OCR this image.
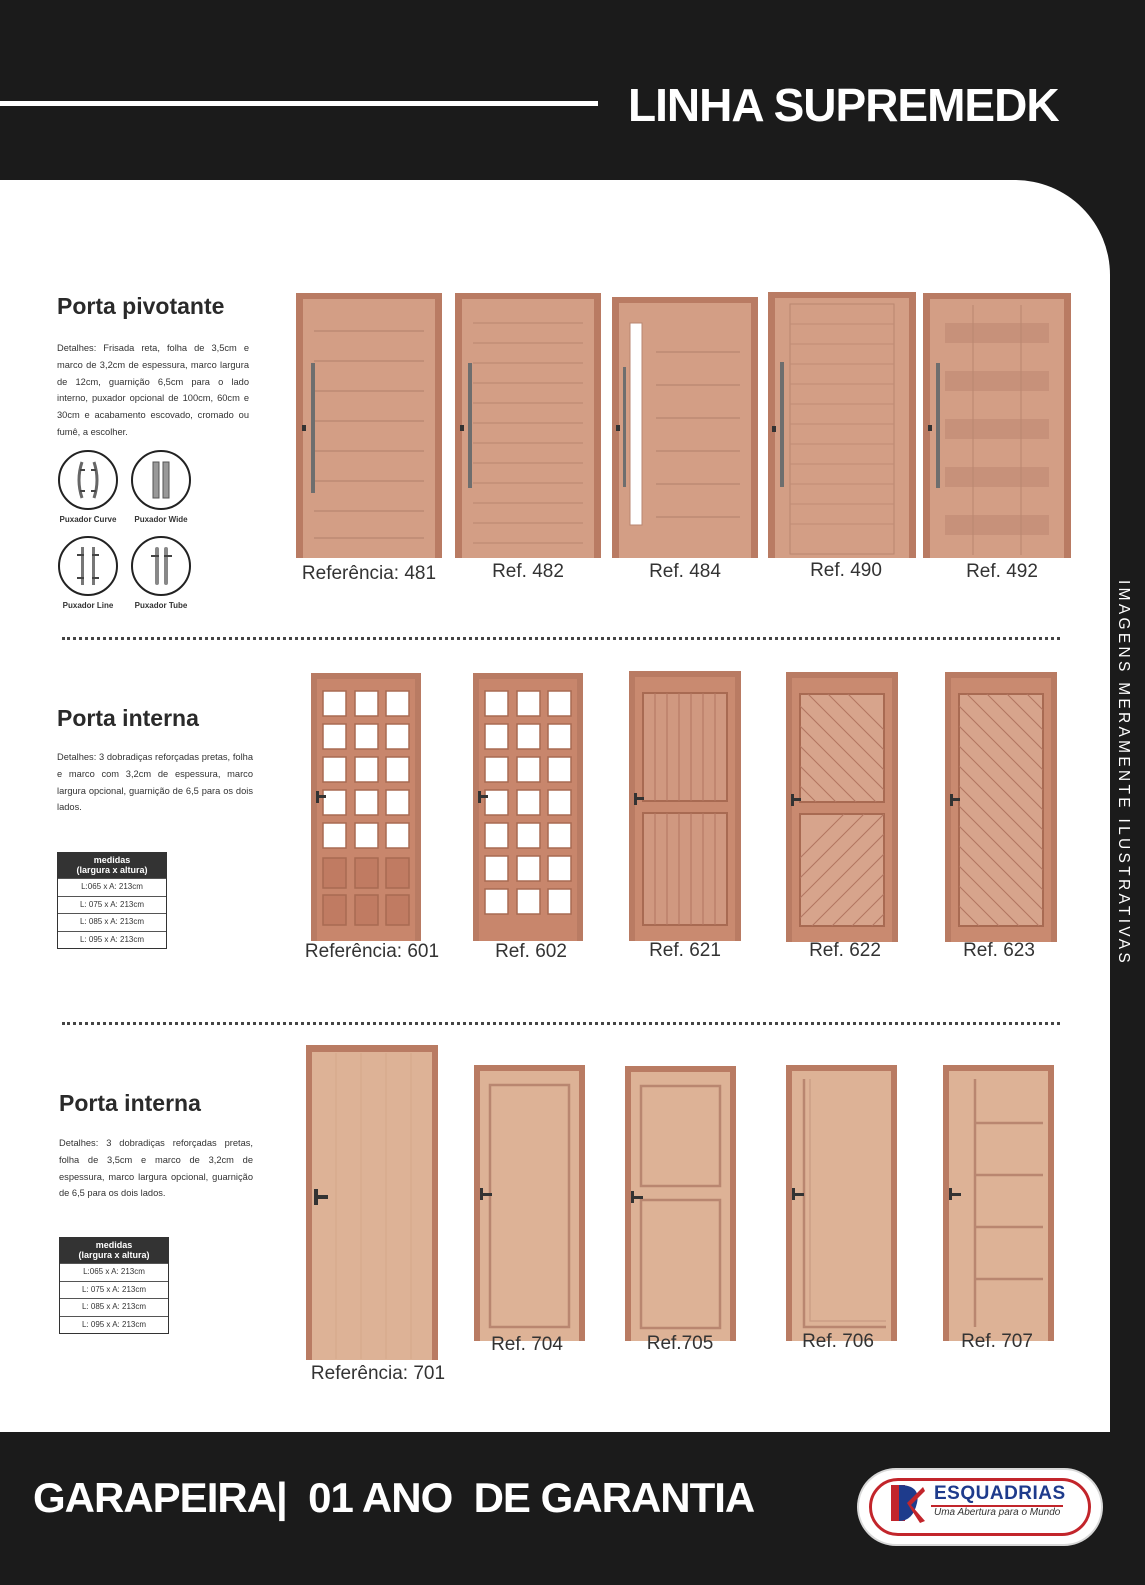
LINHA SUPREMEDK
IMAGENS MERAMENTE ILUSTRATIVAS
Porta pivotante
Detalhes: Frisada reta, folha de 3,5cm e marco de 3,2cm de espessura, marco largura de 12cm, guarnição 6,5cm para o lado interno, puxador opcional de 100cm, 60cm e 30cm e acabamento escovado, cromado ou fumê, a escolher.
Puxador Curve	Puxador Wide
Puxador Line	Puxador Tube
Referência: 481	Ref. 482	Ref. 484	Ref. 490	Ref. 492
Porta interna
Detalhes: 3 dobradiças reforçadas pretas, folha e marco com 3,2cm de espessura, marco largura opcional, guarnição de 6,5 para os dois lados.
medidas
(largura x altura)
L:065 x A: 213cm
L: 075 x A: 213cm
L: 085 x A: 213cm
L: 095 x A: 213cm
Referência: 601	Ref. 602	Ref. 621	Ref. 622	Ref. 623
Porta interna
Detalhes: 3 dobradiças reforçadas pretas, folha de 3,5cm e marco de 3,2cm de espessura, marco largura opcional, guarnição de 6,5 para os dois lados.
medidas
(largura x altura)
L:065 x A: 213cm
L: 075 x A: 213cm
L: 085 x A: 213cm
L: 095 x A: 213cm
Referência: 701
Ref. 704	Ref.705	Ref. 706	Ref. 707
GARAPEIRA|  01 ANO  DE GARANTIA	ESQUADRIAS
Uma Abertura para o Mundo
